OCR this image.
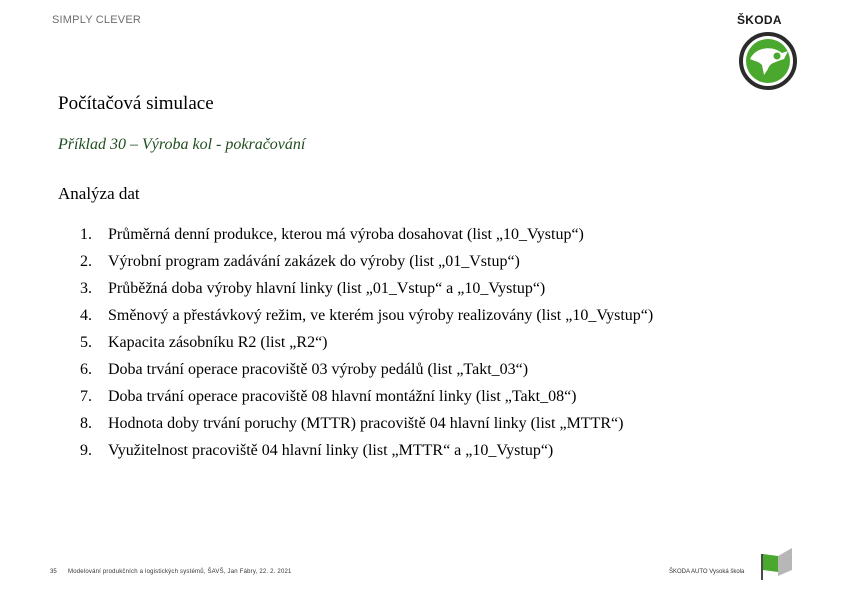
SIMPLY CLEVER	ŠKODA
Počítačová simulace
Příklad 30 – Výroba kol - pokračování
Analýza dat
1.	Průměrná denní produkce, kterou má výroba dosahovat (list „10_Vystup“)
2.	Výrobní program zadávání zakázek do výroby (list „01_Vstup“)
3.	Průběžná doba výroby hlavní linky (list „01_Vstup“ a „10_Vystup“)
4.	Směnový a přestávkový režim, ve kterém jsou výroby realizovány (list „10_Vystup“)
5.	Kapacita zásobníku R2 (list „R2“)
6.	Doba trvání operace pracoviště 03 výroby pedálů (list „Takt_03“)
7.	Doba trvání operace pracoviště 08 hlavní montážní linky (list „Takt_08“)
8.	Hodnota doby trvání poruchy (MTTR) pracoviště 04 hlavní linky (list „MTTR“)
9.	Využitelnost pracoviště 04 hlavní linky (list „MTTR“ a „10_Vystup“)
35 Modelování produkčních a logistických systémů, ŠAVŠ, Jan Fábry, 22. 2. 2021	ŠKODA AUTO Vysoká škola
